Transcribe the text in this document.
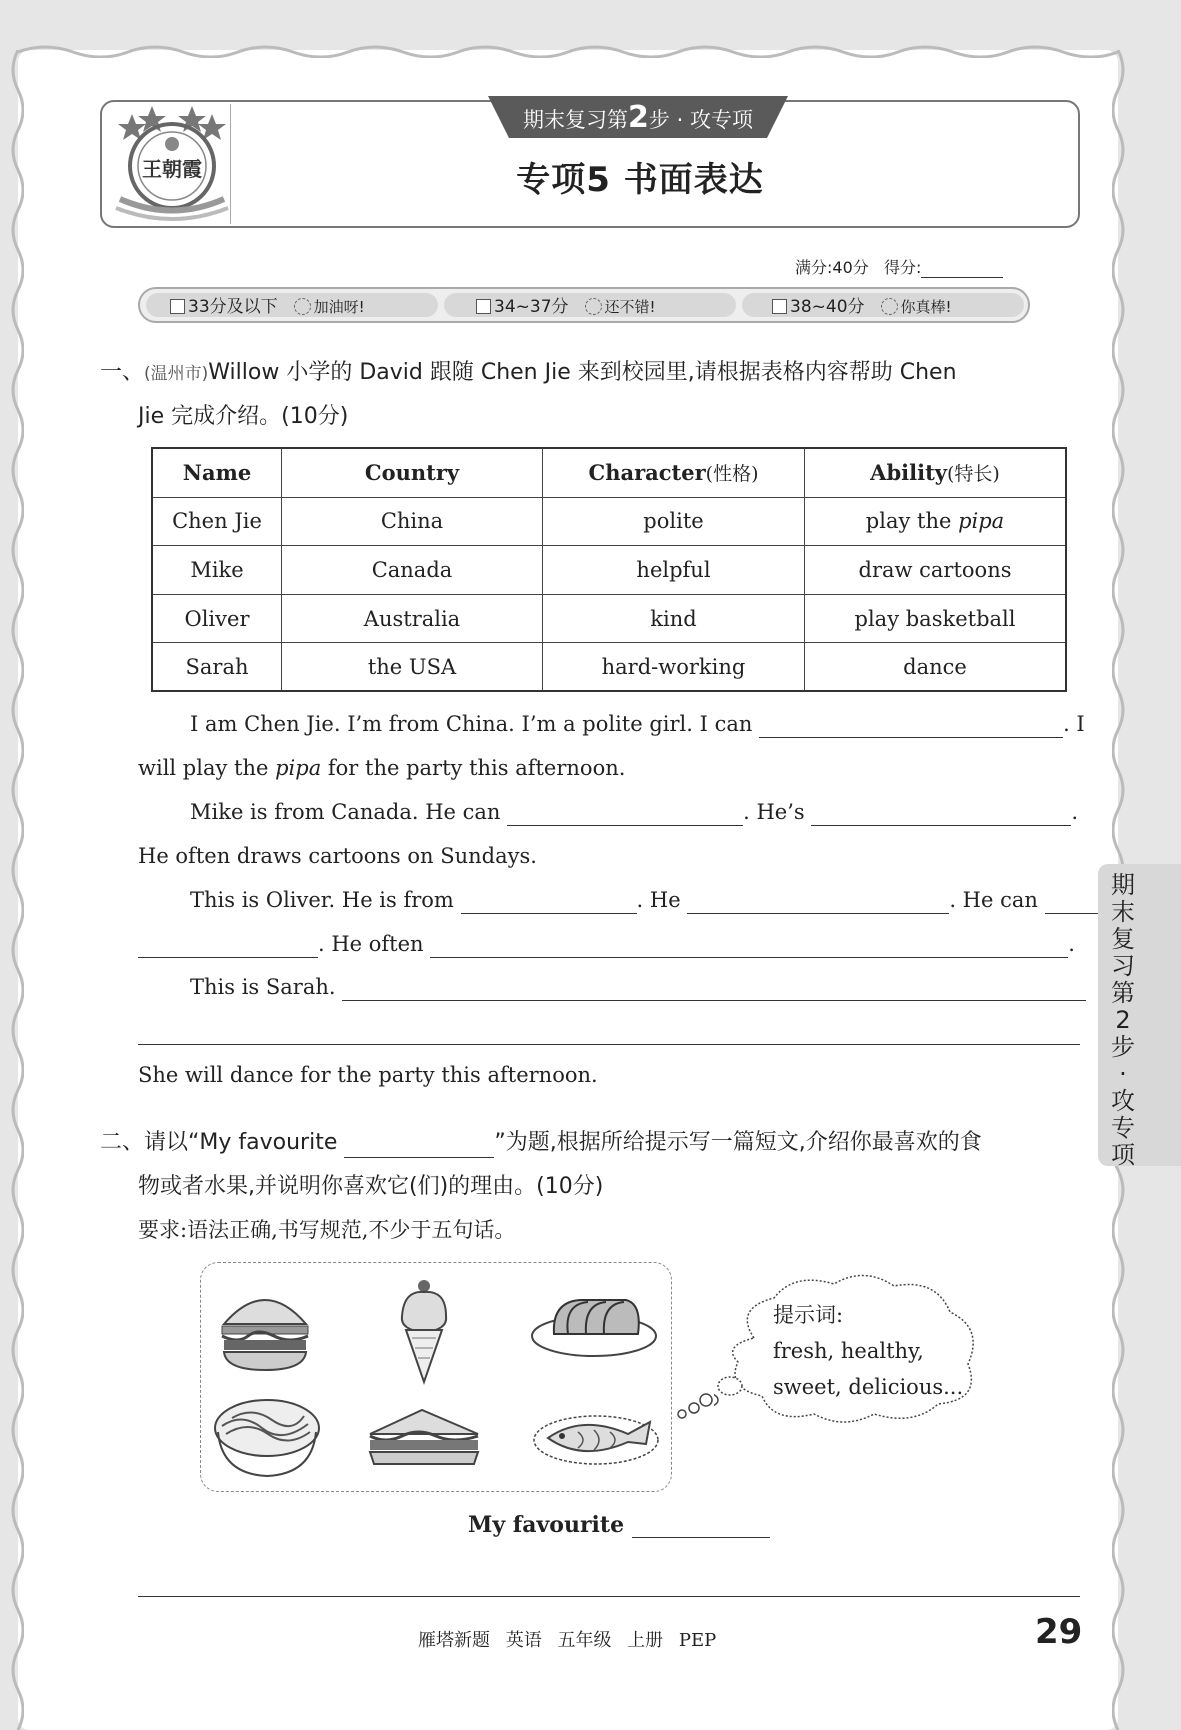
王朝霞
期末复习第2步 · 攻专项
专项5 书面表达
满分:40分 得分:
33分及以下 加油呀!	34~37分 还不错!	38~40分 你真棒!
一、(温州市)Willow 小学的 David 跟随 Chen Jie 来到校园里,请根据表格内容帮助 Chen
Jie 完成介绍。(10分)
Name	Country	Character(性格)	Ability(特长)
Chen Jie	China	polite	play the pipa
Mike	Canada	helpful	draw cartoons
Oliver	Australia	kind	play basketball
Sarah	the USA	hard-working	dance
I am Chen Jie. I’m from China. I’m a polite girl. I can	. I
will play the pipa for the party this afternoon.
Mike is from Canada. He can	. He’s	.
He often draws cartoons on Sundays.
This is Oliver. He is from	. He	. He can
. He often	.
This is Sarah.
She will dance for the party this afternoon.
二、请以“My favourite	”为题,根据所给提示写一篇短文,介绍你最喜欢的食
物或者水果,并说明你喜欢它(们)的理由。(10分)
要求:语法正确,书写规范,不少于五句话。
提示词:
fresh, healthy,
sweet, delicious...
My favourite
雁塔新题 英语 五年级 上册 PEP	29
期末复习第2步·攻专项
